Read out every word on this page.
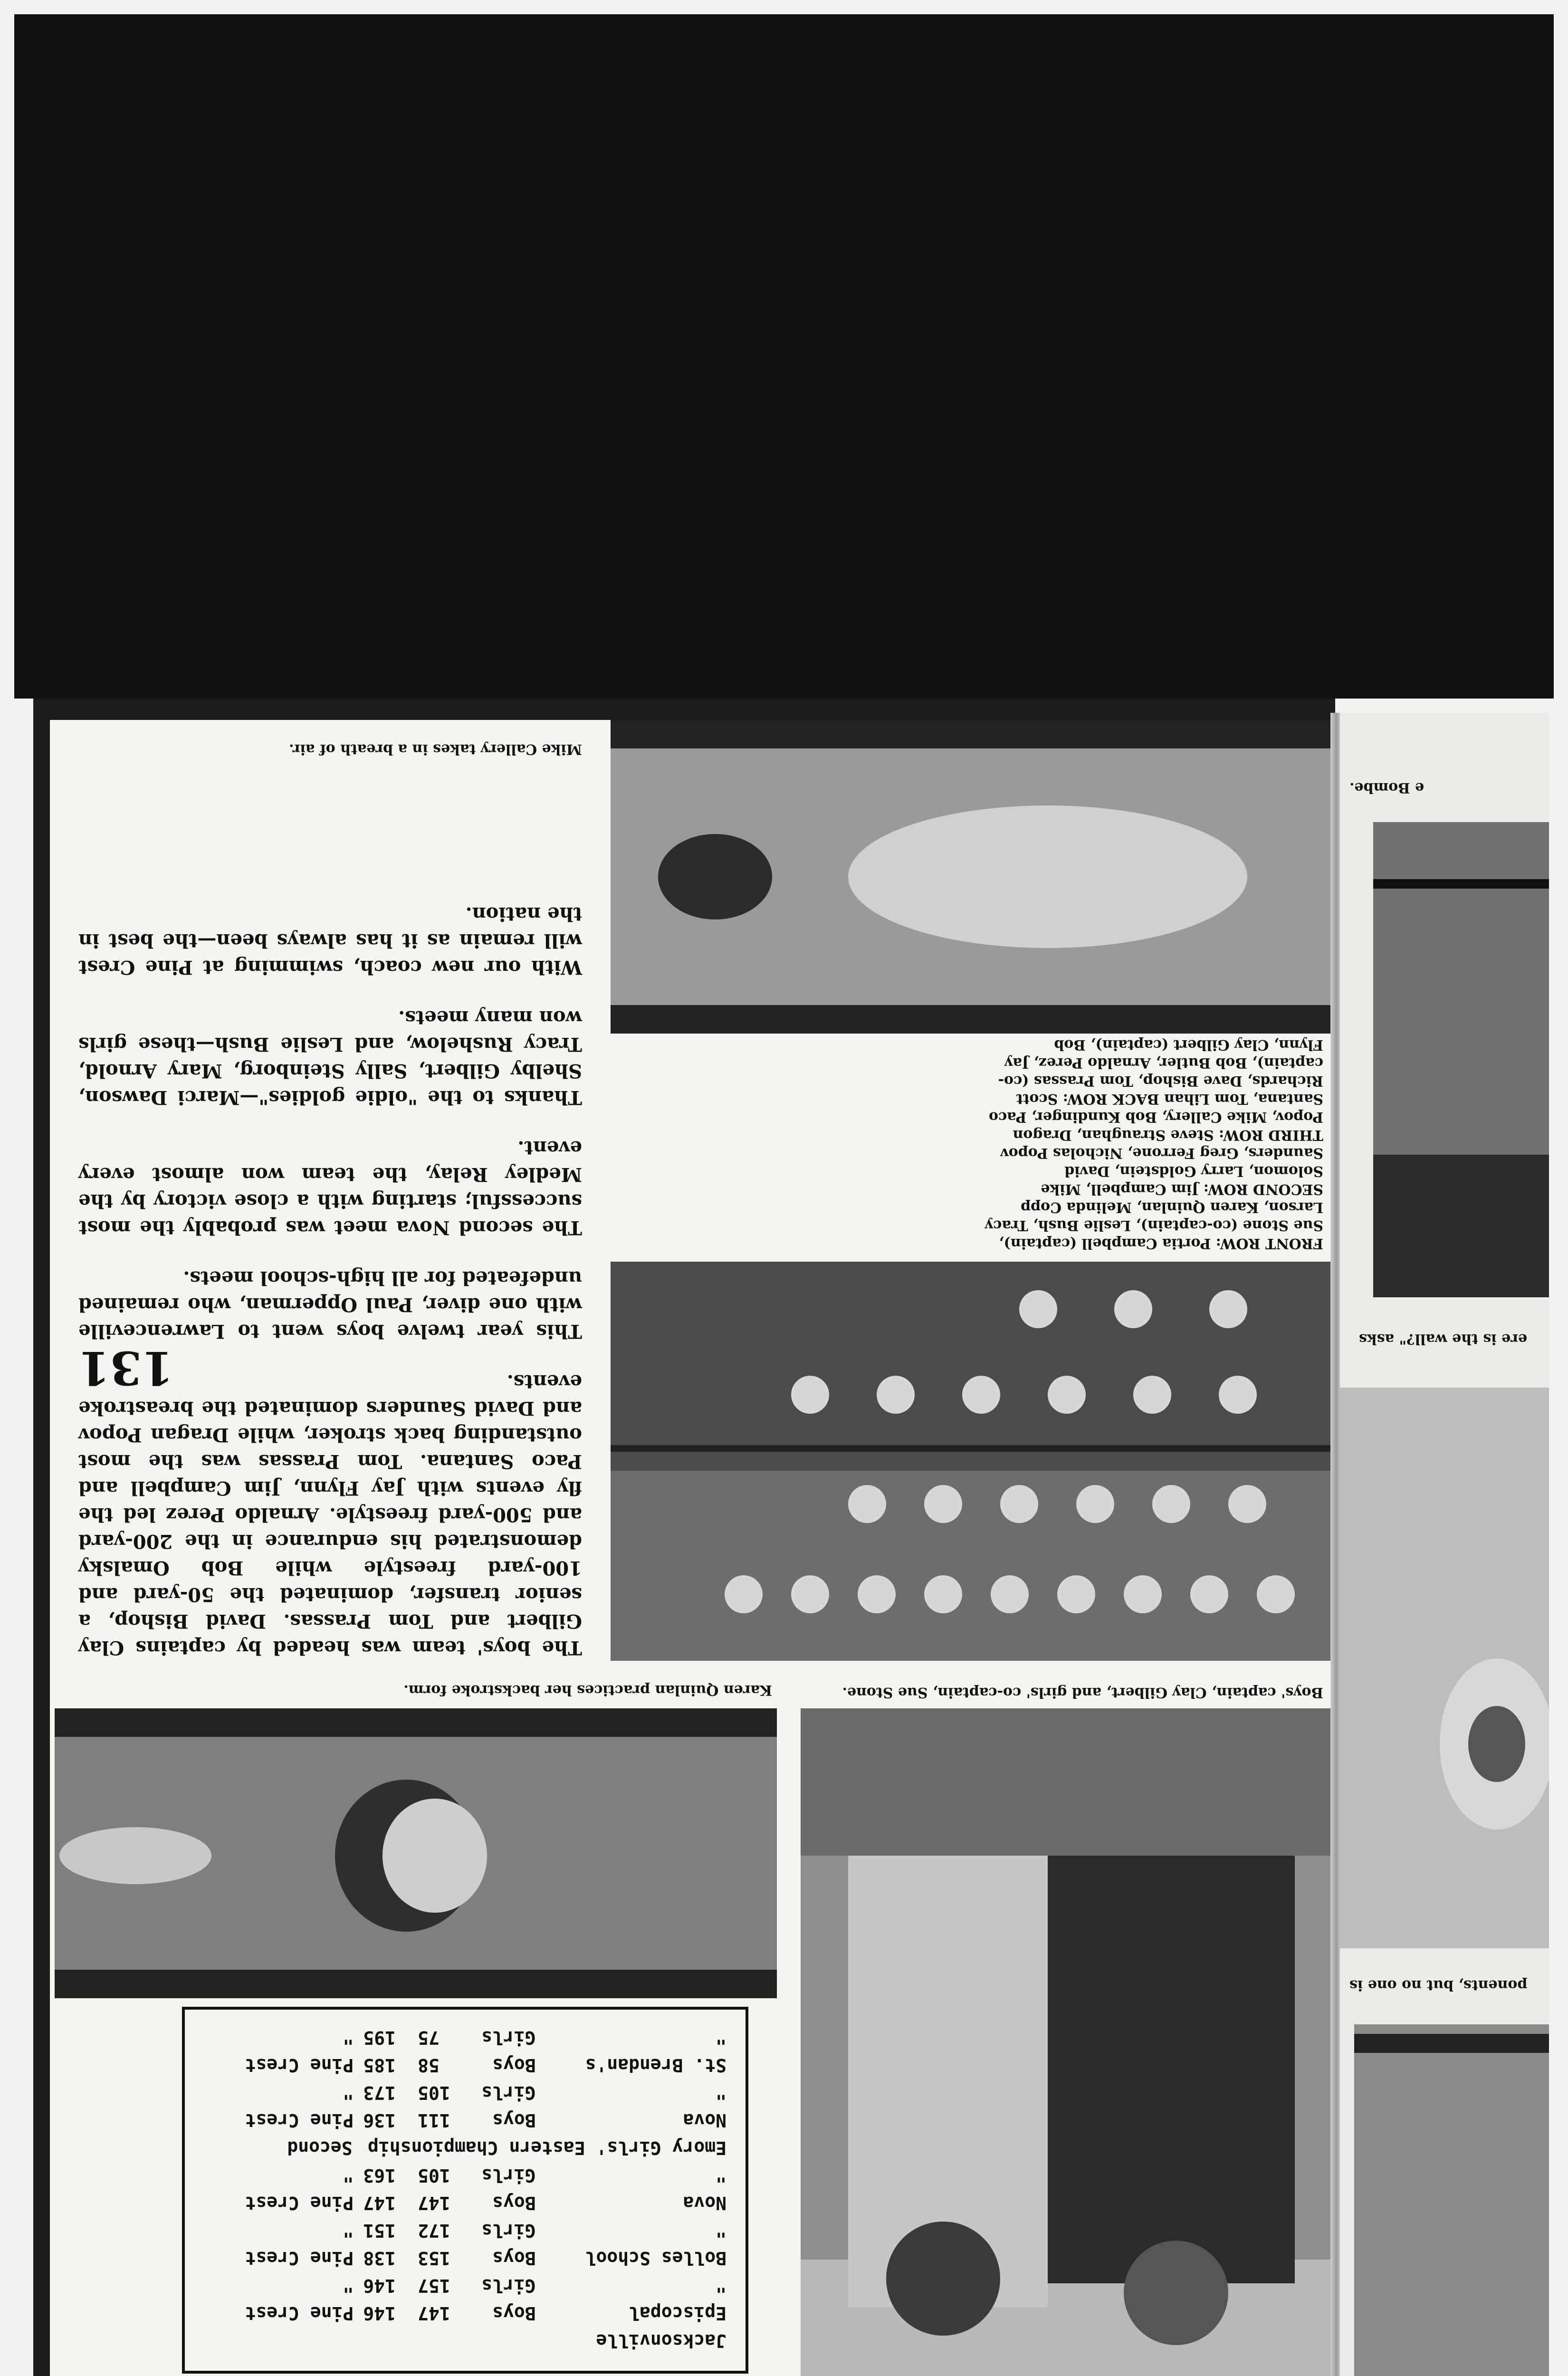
Boys' captain, Clay Gilbert, and girls' co-captain, Sue Stone.
FRONT ROW: Portia Campbell (captain), Sue Stone (co-captain), Leslie Bush, Tracy Larson, Karen Quinlan, Melinda Copp SECOND ROW: Jim Campbell, Mike Solomon, Larry Goldstein, David Saunders, Greg Ferrone, Nicholas Popov THIRD ROW: Steve Straughan, Dragon Popov, Mike Callery, Bob Kundinger, Paco Santana, Tom Lihan BACK ROW: Scott Richards, Dave Bishop, Tom Prassas (co-captain), Bob Butler, Arnaldo Perez, Jay Flynn, Clay Gilbert (captain), Bob
Karen Quinlan practices her backstroke form.
Jacksonville
Episcopal
Boys
147
146
Pine Crest
"
Girls
157
146
"
Bolles School
Boys
153
138
Pine Crest
"
Girls
172
151
"
Nova
Boys
147
147
Pine Crest
"
Girls
105
163
"
Emory Girls' Eastern Championship
Second
Nova
Boys
111
136
Pine Crest
"
Girls
105
173
"
St. Brendan's
Boys
58
185
Pine Crest
"
Girls
75
195
"

The boys' team was headed by captains Clay Gilbert and Tom Prassas. David Bishop, a senior transfer, dominated the 50-yard and 100-yard freestyle while Bob Omalsky demonstrated his endurance in the 200-yard and 500-yard freestyle. Arnaldo Perez led the fly events with Jay Flynn, Jim Campbell and Paco Santana. Tom Prassas was the most outstanding back stroker, while Dragan Popov and David Saunders dominated the breastroke events.

This year twelve boys went to Lawrenceville with one diver, Paul Opperman, who remained undefeated for all high-school meets.

The second Nova meet was probably the most successful; starting with a close victory by the Medley Relay, the team won almost every event.

Thanks to the "oldie goldies"—Marci Dawson, Shelby Gilbert, Sally Steinborg, Mary Arnold, Tracy Rushelow, and Leslie Bush—these girls won many meets.

With our new coach, swimming at Pine Crest will remain as it has always been—the best in the nation.

131
Mike Callery takes in a breath of air.
e Bombe.
ere is the wall?" asks
ponents, but no one is
